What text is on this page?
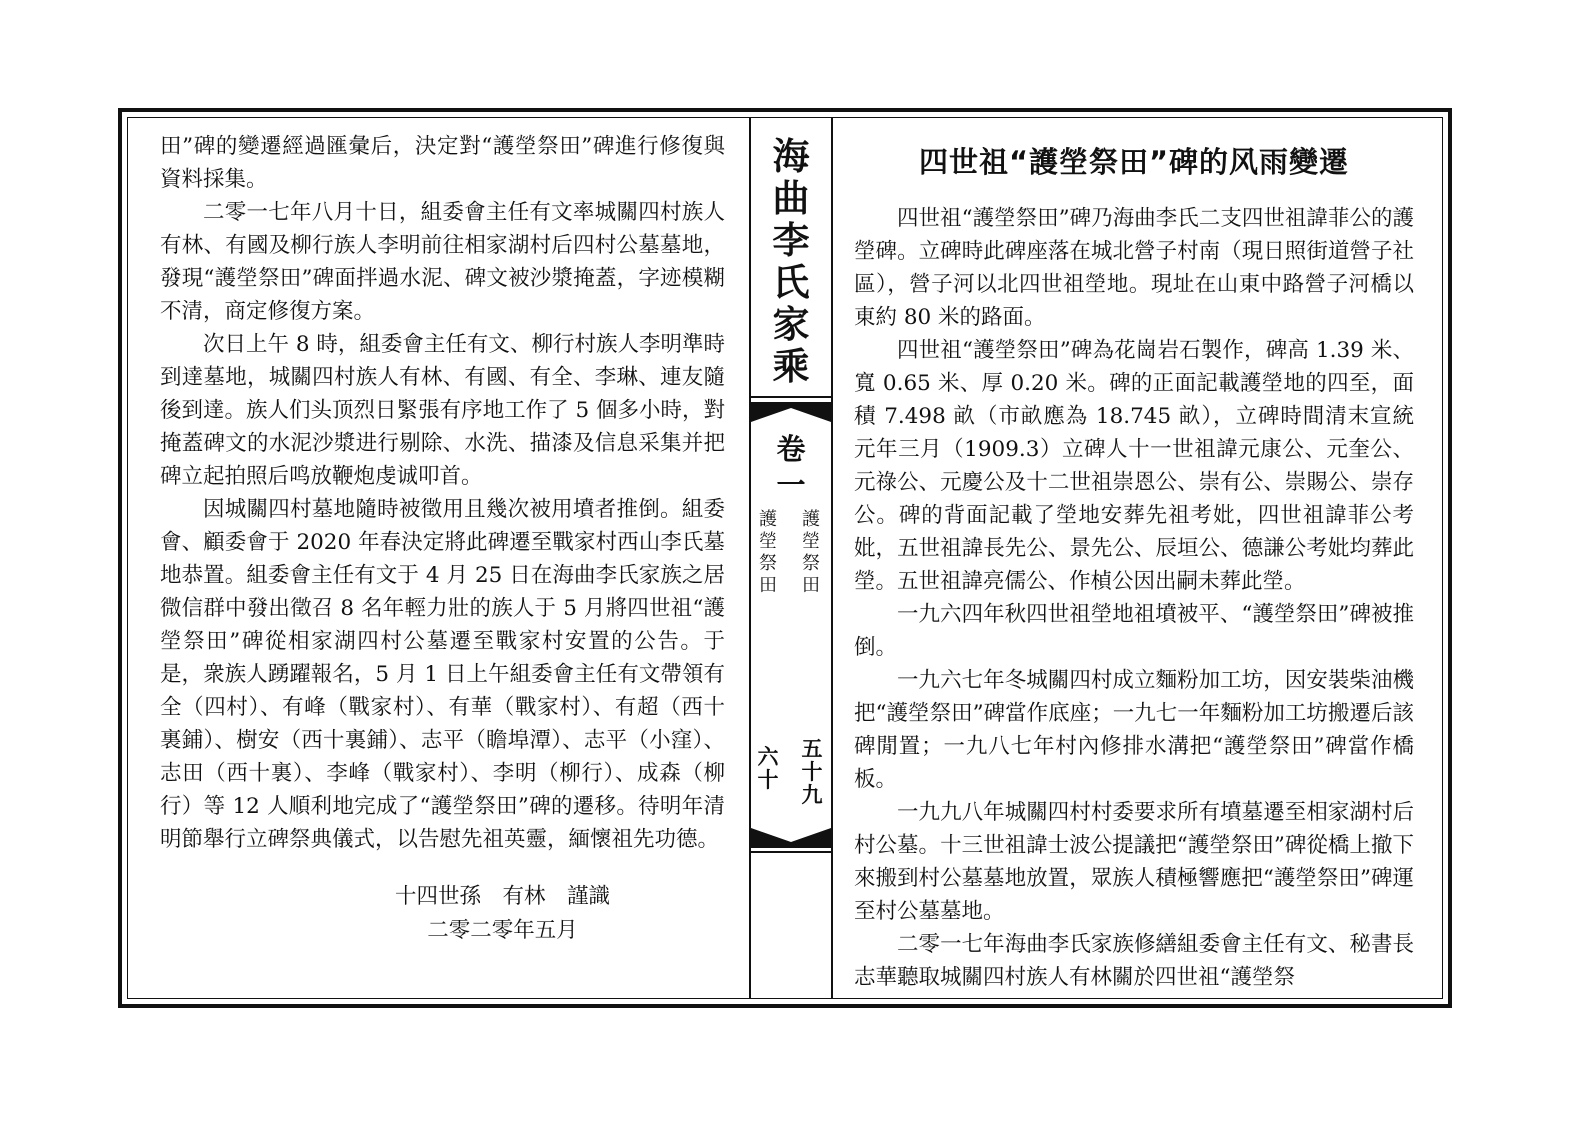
田”碑的變遷經過匯彙后，決定對“護塋祭田”碑進行修復與資料採集。

二零一七年八月十日，組委會主任有文率城關四村族人有林、有國及柳行族人李明前往相家湖村后四村公墓墓地，發現“護塋祭田”碑面拌過水泥、碑文被沙漿掩蓋，字迹模糊不清，商定修復方案。

次日上午 8 時，組委會主任有文、柳行村族人李明準時到達墓地，城關四村族人有林、有國、有全、李琳、連友隨後到達。族人们头顶烈日緊張有序地工作了 5 個多小時，對掩蓋碑文的水泥沙漿进行剔除、水洗、描漆及信息采集并把碑立起拍照后鸣放鞭炮虔诚叩首。

因城關四村墓地隨時被徵用且幾次被用墳者推倒。組委會、顧委會于 2020 年春決定將此碑遷至戰家村西山李氏墓地恭置。組委會主任有文于 4 月 25 日在海曲李氏家族之居微信群中發出徵召 8 名年輕力壯的族人于 5 月將四世祖“護塋祭田”碑從相家湖四村公墓遷至戰家村安置的公告。于是，衆族人踴躍報名，5 月 1 日上午組委會主任有文帶領有全（四村）、有峰（戰家村）、有華（戰家村）、有超（西十裏鋪）、樹安（西十裏鋪）、志平（瞻埠潭）、志平（小窪）、志田（西十裏）、李峰（戰家村）、李明（柳行）、成森（柳行）等 12 人順利地完成了“護塋祭田”碑的遷移。待明年清明節舉行立碑祭典儀式，以告慰先祖英靈，緬懷祖先功德。

十四世孫　有林　謹識
二零二零年五月
海
曲
李
氏
家
乘
卷
一
護
塋
祭
田
護
塋
祭
田
五
十
九
六
十
四世祖“護塋祭田”碑的风雨變遷

四世祖“護塋祭田”碑乃海曲李氏二支四世祖諱菲公的護塋碑。立碑時此碑座落在城北營子村南（現日照街道營子社區），營子河以北四世祖塋地。現址在山東中路營子河橋以東約 80 米的路面。

四世祖“護塋祭田”碑為花崗岩石製作，碑高 1.39 米、寬 0.65 米、厚 0.20 米。碑的正面記載護塋地的四至，面積 7.498 畝（市畝應為 18.745 畝），立碑時間清末宣統元年三月（1909.3）立碑人十一世祖諱元康公、元奎公、元祿公、元慶公及十二世祖崇恩公、崇有公、崇賜公、崇存公。碑的背面記載了塋地安葬先祖考妣，四世祖諱菲公考妣，五世祖諱長先公、景先公、辰垣公、德謙公考妣均葬此塋。五世祖諱亮儒公、作楨公因出嗣未葬此塋。

一九六四年秋四世祖塋地祖墳被平、“護塋祭田”碑被推倒。

一九六七年冬城關四村成立麵粉加工坊，因安裝柴油機把“護塋祭田”碑當作底座；一九七一年麵粉加工坊搬遷后該碑閒置；一九八七年村內修排水溝把“護塋祭田”碑當作橋板。

一九九八年城關四村村委要求所有墳墓遷至相家湖村后村公墓。十三世祖諱士波公提議把“護塋祭田”碑從橋上撤下來搬到村公墓墓地放置，眾族人積極響應把“護塋祭田”碑運至村公墓墓地。

二零一七年海曲李氏家族修繕組委會主任有文、秘書長志華聽取城關四村族人有林關於四世祖“護塋祭
